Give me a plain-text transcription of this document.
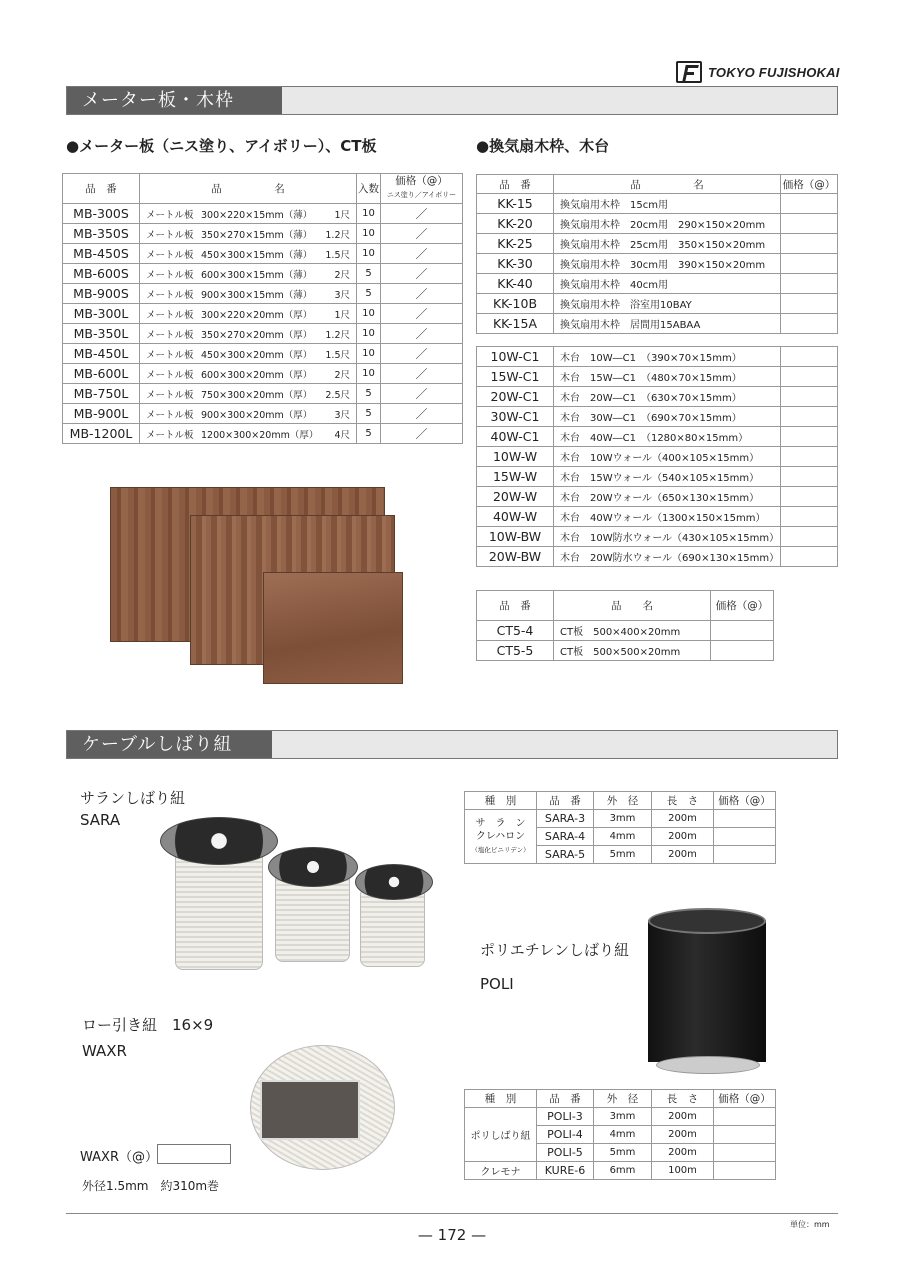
TOKYO FUJISHOKAI
メーター板・木枠
●メーター板（ニス塗り、アイボリー）、CT板
品　番	品　　　　　名	入数	価格（@）
ニス塗り／アイボリー
MB-300S	メートル板 300×220×15mm（薄） 1尺	10	／
MB-350S	メートル板 350×270×15mm（薄） 1.2尺	10	／
MB-450S	メートル板 450×300×15mm（薄） 1.5尺	10	／
MB-600S	メートル板 600×300×15mm（薄） 2尺	5	／
MB-900S	メートル板 900×300×15mm（薄） 3尺	5	／
MB-300L	メートル板 300×220×20mm（厚） 1尺	10	／
MB-350L	メートル板 350×270×20mm（厚） 1.2尺	10	／
MB-450L	メートル板 450×300×20mm（厚） 1.5尺	10	／
MB-600L	メートル板 600×300×20mm（厚） 2尺	10	／
MB-750L	メートル板 750×300×20mm（厚） 2.5尺	5	／
MB-900L	メートル板 900×300×20mm（厚） 3尺	5	／
MB-1200L	メートル板 1200×300×20mm（厚） 4尺	5	／
●換気扇木枠、木台
品　番	品　　　　　名	価格（@）
KK-15	換気扇用木枠　15cm用	
KK-20	換気扇用木枠　20cm用　290×150×20mm	
KK-25	換気扇用木枠　25cm用　350×150×20mm	
KK-30	換気扇用木枠　30cm用　390×150×20mm	
KK-40	換気扇用木枠　40cm用	
KK-10B	換気扇用木枠　浴室用10BAY	
KK-15A	換気扇用木枠　居間用15ABAA	
10W-C1	木台　10W―C1　（390×70×15mm）	
15W-C1	木台　15W―C1　（480×70×15mm）	
20W-C1	木台　20W―C1　（630×70×15mm）	
30W-C1	木台　30W―C1　（690×70×15mm）	
40W-C1	木台　40W―C1　（1280×80×15mm）	
10W-W	木台　10Wウォール（400×105×15mm）	
15W-W	木台　15Wウォール（540×105×15mm）	
20W-W	木台　20Wウォール（650×130×15mm）	
40W-W	木台　40Wウォール（1300×150×15mm）	
10W-BW	木台　10W防水ウォール（430×105×15mm）	
20W-BW	木台　20W防水ウォール（690×130×15mm）	
品　番	品　　名	価格（@）
CT5-4	CT板　500×400×20mm	
CT5-5	CT板　500×500×20mm	
ケーブルしばり紐
サランしばり紐
SARA
種　別	品　番	外　径	長　さ	価格（@）
サ　ラ　ン
クレハロン
（塩化ビニリデン）	SARA-3	3mm	200m	
	SARA-4	4mm	200m	
	SARA-5	5mm	200m	
ポリエチレンしばり紐
POLI
種　別	品　番	外　径	長　さ	価格（@）
ポリしばり紐	POLI-3	3mm	200m	
	POLI-4	4mm	200m	
	POLI-5	5mm	200m	
クレモナ	KURE-6	6mm	100m	
ロー引き紐　16×9
WAXR
WAXR（@）
外径1.5mm　約310m巻
— 172 —
単位：mm
